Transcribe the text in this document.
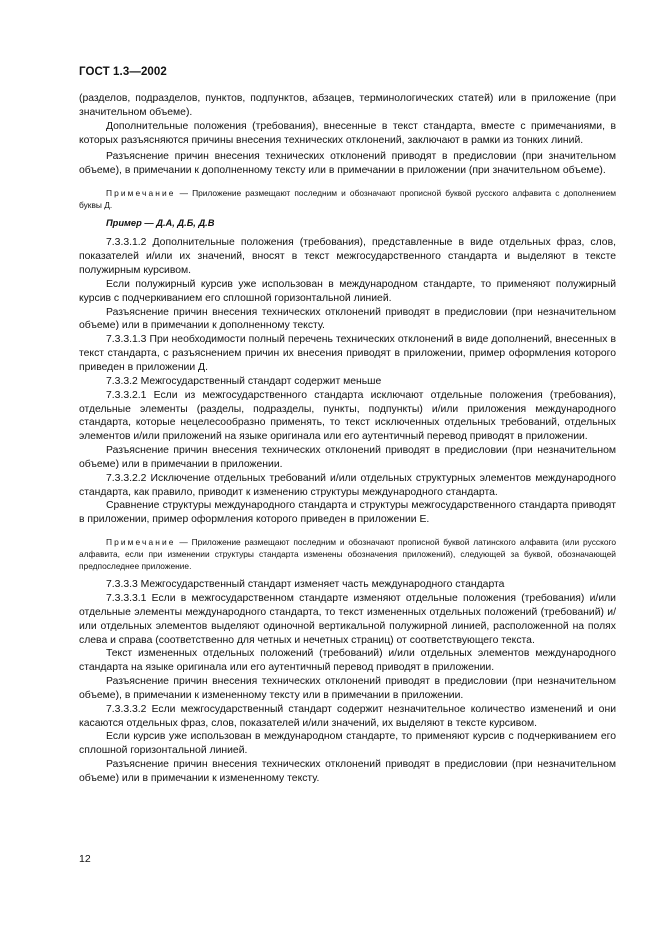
ГОСТ 1.3—2002

(разделов, подразделов, пунктов, подпунктов, абзацев, терминологических статей) или в приложение (при значительном объеме).

Дополнительные положения (требования), внесенные в текст стандарта, вместе с примечаниями, в которых разъясняются причины внесения технических отклонений, заключают в рамки из тонких линий.

Разъяснение причин внесения технических отклонений приводят в предисловии (при значительном объеме), в примечании к дополненному тексту или в примечании в приложении (при значительном объеме).

Примечание — Приложение размещают последним и обозначают прописной буквой русского алфавита с дополнением буквы Д.

Пример — Д.А, Д.Б, Д.В

7.3.3.1.2 Дополнительные положения (требования), представленные в виде отдельных фраз, слов, показателей и/или их значений, вносят в текст межгосударственного стандарта и выделяют в тексте полужирным курсивом.

Если полужирный курсив уже использован в международном стандарте, то применяют полужирный курсив с подчеркиванием его сплошной горизонтальной линией.

Разъяснение причин внесения технических отклонений приводят в предисловии (при незначительном объеме) или в примечании к дополненному тексту.

7.3.3.1.3 При необходимости полный перечень технических отклонений в виде дополнений, внесенных в текст стандарта, с разъяснением причин их внесения приводят в приложении, пример оформления которого приведен в приложении Д.

7.3.3.2 Межгосударственный стандарт содержит меньше

7.3.3.2.1 Если из межгосударственного стандарта исключают отдельные положения (требования), отдельные элементы (разделы, подразделы, пункты, подпункты) и/или приложения международного стандарта, которые нецелесообразно применять, то текст исключенных отдельных требований, отдельных элементов и/или приложений на языке оригинала или его аутентичный перевод приводят в приложении.

Разъяснение причин внесения технических отклонений приводят в предисловии (при незначительном объеме) или в примечании в приложении.

7.3.3.2.2 Исключение отдельных требований и/или отдельных структурных элементов международного стандарта, как правило, приводит к изменению структуры международного стандарта.

Сравнение структуры международного стандарта и структуры межгосударственного стандарта приводят в приложении, пример оформления которого приведен в приложении Е.

Примечание — Приложение размещают последним и обозначают прописной буквой латинского алфавита (или русского алфавита, если при изменении структуры стандарта изменены обозначения приложений), следующей за буквой, обозначающей предпоследнее приложение.

7.3.3.3 Межгосударственный стандарт изменяет часть международного стандарта

7.3.3.3.1 Если в межгосударственном стандарте изменяют отдельные положения (требования) и/или отдельные элементы международного стандарта, то текст измененных отдельных положений (требований) и/или отдельных элементов выделяют одиночной вертикальной полужирной линией, расположенной на полях слева и справа (соответственно для четных и нечетных страниц) от соответствующего текста.

Текст измененных отдельных положений (требований) и/или отдельных элементов международного стандарта на языке оригинала или его аутентичный перевод приводят в приложении.

Разъяснение причин внесения технических отклонений приводят в предисловии (при незначительном объеме), в примечании к измененному тексту или в примечании в приложении.

7.3.3.3.2 Если межгосударственный стандарт содержит незначительное количество изменений и они касаются отдельных фраз, слов, показателей и/или значений, их выделяют в тексте курсивом.

Если курсив уже использован в международном стандарте, то применяют курсив с подчеркиванием его сплошной горизонтальной линией.

Разъяснение причин внесения технических отклонений приводят в предисловии (при незначительном объеме) или в примечании к измененному тексту.

12
